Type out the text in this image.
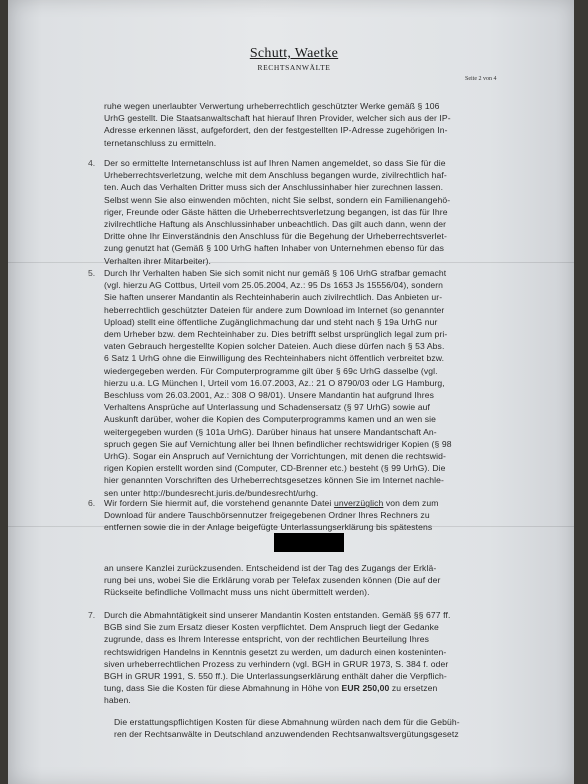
Schutt, Waetke
RECHTSANWÄLTE
Seite 2 von 4
ruhe wegen unerlaubter Verwertung urheberrechtlich geschützter Werke gemäß § 106
UrhG gestellt. Die Staatsanwaltschaft hat hierauf Ihren Provider, welcher sich aus der IP-
Adresse erkennen lässt, aufgefordert, den der festgestellten IP-Adresse zugehörigen In-
ternetanschluss zu ermitteln.
4. Der so ermittelte Internetanschluss ist auf Ihren Namen angemeldet, so dass Sie für die
Urheberrechtsverletzung, welche mit dem Anschluss begangen wurde, zivilrechtlich haf-
ten. Auch das Verhalten Dritter muss sich der Anschlussinhaber hier zurechnen lassen.
Selbst wenn Sie also einwenden möchten, nicht Sie selbst, sondern ein Familienangehö-
riger, Freunde oder Gäste hätten die Urheberrechtsverletzung begangen, ist das für Ihre
zivilrechtliche Haftung als Anschlussinhaber unbeachtlich. Das gilt auch dann, wenn der
Dritte ohne Ihr Einverständnis den Anschluss für die Begehung der Urheberrechtsverlet-
zung genutzt hat (Gemäß § 100 UrhG haften Inhaber von Unternehmen ebenso für das
Verhalten ihrer Mitarbeiter).
5. Durch Ihr Verhalten haben Sie sich somit nicht nur gemäß § 106 UrhG strafbar gemacht
(vgl. hierzu AG Cottbus, Urteil vom 25.05.2004, Az.: 95 Ds 1653 Js 15556/04), sondern
Sie haften unserer Mandantin als Rechteinhaberin auch zivilrechtlich. Das Anbieten ur-
heberrechtlich geschützter Dateien für andere zum Download im Internet (so genannter
Upload) stellt eine öffentliche Zugänglichmachung dar und steht nach § 19a UrhG nur
dem Urheber bzw. dem Rechteinhaber zu. Dies betrifft selbst ursprünglich legal zum pri-
vaten Gebrauch hergestellte Kopien solcher Dateien. Auch diese dürfen nach § 53 Abs.
6 Satz 1 UrhG ohne die Einwilligung des Rechteinhabers nicht öffentlich verbreitet bzw.
wiedergegeben werden. Für Computerprogramme gilt über § 69c UrhG dasselbe (vgl.
hierzu u.a. LG München I, Urteil vom 16.07.2003, Az.: 21 O 8790/03 oder LG Hamburg,
Beschluss vom 26.03.2001, Az.: 308 O 98/01). Unsere Mandantin hat aufgrund Ihres
Verhaltens Ansprüche auf Unterlassung und Schadensersatz (§ 97 UrhG) sowie auf
Auskunft darüber, woher die Kopien des Computerprogramms kamen und an wen sie
weitergegeben wurden (§ 101a UrhG). Darüber hinaus hat unsere Mandantschaft An-
spruch gegen Sie auf Vernichtung aller bei Ihnen befindlicher rechtswidriger Kopien (§ 98
UrhG). Sogar ein Anspruch auf Vernichtung der Vorrichtungen, mit denen die rechtswid-
rigen Kopien erstellt worden sind (Computer, CD-Brenner etc.) besteht (§ 99 UrhG). Die
hier genannten Vorschriften des Urheberrechtsgesetzes können Sie im Internet nachle-
sen unter http://bundesrecht.juris.de/bundesrecht/urhg.
6. Wir fordern Sie hiermit auf, die vorstehend genannte Datei unverzüglich von dem zum
Download für andere Tauschbörsennutzer freigegebenen Ordner Ihres Rechners zu
entfernen sowie die in der Anlage beigefügte Unterlassungserklärung bis spätestens
an unsere Kanzlei zurückzusenden. Entscheidend ist der Tag des Zugangs der Erklä-
rung bei uns, wobei Sie die Erklärung vorab per Telefax zusenden können (Die auf der
Rückseite befindliche Vollmacht muss uns nicht übermittelt werden).
7. Durch die Abmahntätigkeit sind unserer Mandantin Kosten entstanden. Gemäß §§ 677 ff.
BGB sind Sie zum Ersatz dieser Kosten verpflichtet. Dem Anspruch liegt der Gedanke
zugrunde, dass es Ihrem Interesse entspricht, von der rechtlichen Beurteilung Ihres
rechtswidrigen Handelns in Kenntnis gesetzt zu werden, um dadurch einen kosteninten-
siven urheberrechtlichen Prozess zu verhindern (vgl. BGH in GRUR 1973, S. 384 f. oder
BGH in GRUR 1991, S. 550 ff.). Die Unterlassungserklärung enthält daher die Verpflich-
tung, dass Sie die Kosten für diese Abmahnung in Höhe von EUR 250,00 zu ersetzen
haben.
Die erstattungspflichtigen Kosten für diese Abmahnung würden nach dem für die Gebüh-
ren der Rechtsanwälte in Deutschland anzuwendenden Rechtsanwaltsvergütungsgesetz
